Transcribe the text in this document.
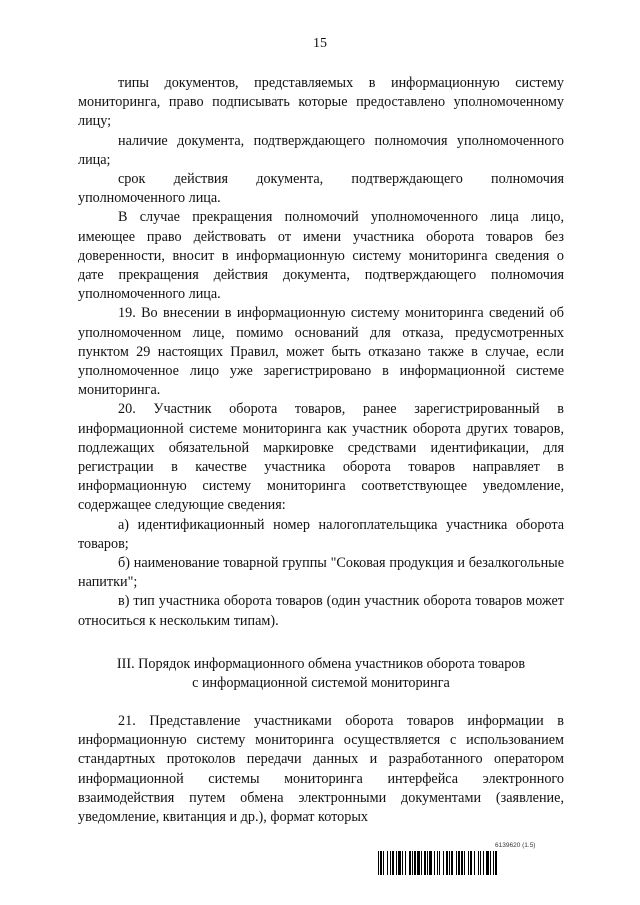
15

типы документов, представляемых в информационную систему мониторинга, право подписывать которые предоставлено уполномоченному лицу;

наличие документа, подтверждающего полномочия уполномоченного лица;

срок действия документа, подтверждающего полномочия уполномоченного лица.

В случае прекращения полномочий уполномоченного лица лицо, имеющее право действовать от имени участника оборота товаров без доверенности, вносит в информационную систему мониторинга сведения о дате прекращения действия документа, подтверждающего полномочия уполномоченного лица.

19. Во внесении в информационную систему мониторинга сведений об уполномоченном лице, помимо оснований для отказа, предусмотренных пунктом 29 настоящих Правил, может быть отказано также в случае, если уполномоченное лицо уже зарегистрировано в информационной системе мониторинга.

20. Участник оборота товаров, ранее зарегистрированный в информационной системе мониторинга как участник оборота других товаров, подлежащих обязательной маркировке средствами идентификации, для регистрации в качестве участника оборота товаров направляет в информационную систему мониторинга соответствующее уведомление, содержащее следующие сведения:

а) идентификационный номер налогоплательщика участника оборота товаров;

б) наименование товарной группы "Соковая продукция и безалкогольные напитки";

в) тип участника оборота товаров (один участник оборота товаров может относиться к нескольким типам).

III. Порядок информационного обмена участников оборота товаров
с информационной системой мониторинга

21. Представление участниками оборота товаров информации в информационную систему мониторинга осуществляется с использованием стандартных протоколов передачи данных и разработанного оператором информационной системы мониторинга интерфейса электронного взаимодействия путем обмена электронными документами (заявление, уведомление, квитанция и др.), формат которых

6139620 (1.5)
